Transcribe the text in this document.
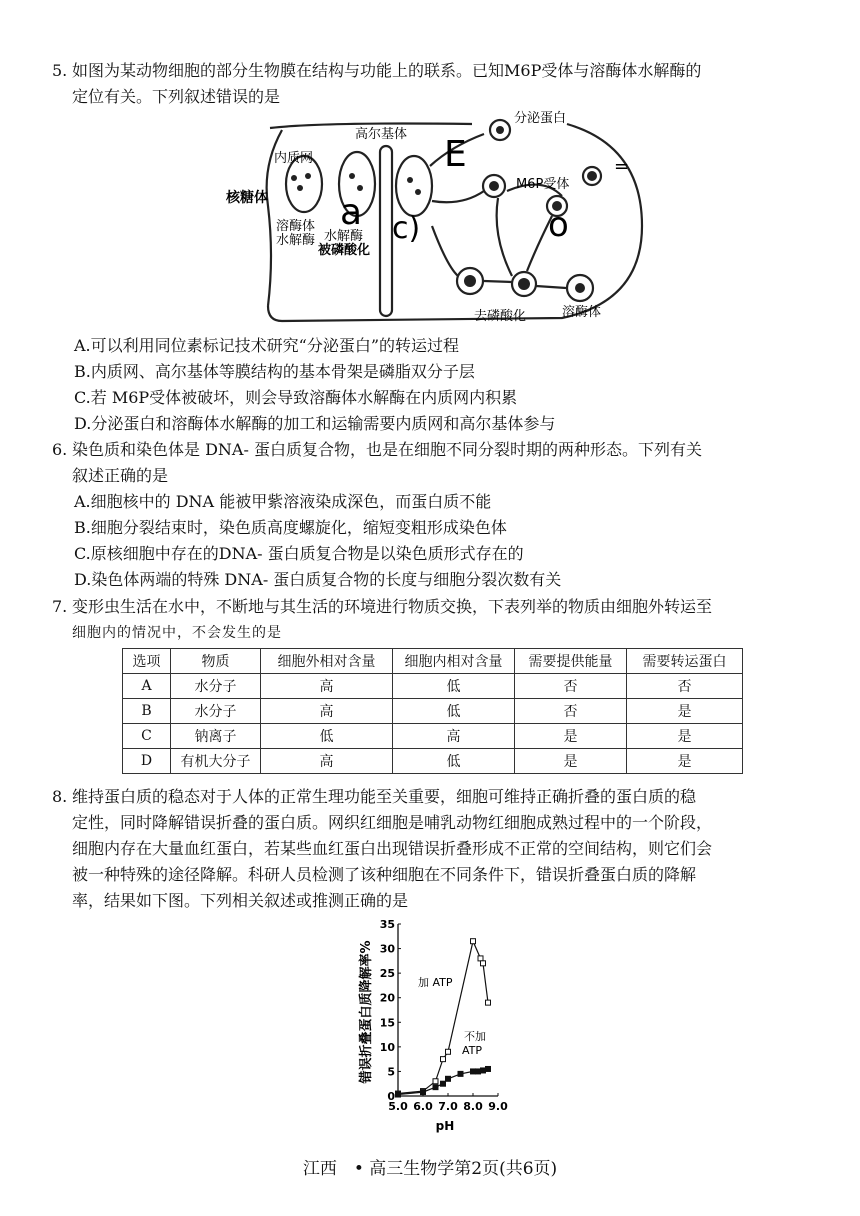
5. 如图为某动物细胞的部分生物膜在结构与功能上的联系。已知M6P受体与溶酶体水解酶的
定位有关。下列叙述错误的是
高尔基体
内质网
核糖体
溶酶体
水解酶 水解酶
被磷酸化
分泌蛋白
M6P受体
去磷酸化	溶酶体
E
a c)	o
=
A.可以利用同位素标记技术研究“分泌蛋白”的转运过程
B.内质网、高尔基体等膜结构的基本骨架是磷脂双分子层
C.若 M6P受体被破坏，则会导致溶酶体水解酶在内质网内积累
D.分泌蛋白和溶酶体水解酶的加工和运输需要内质网和高尔基体参与
6. 染色质和染色体是 DNA- 蛋白质复合物，也是在细胞不同分裂时期的两种形态。下列有关
叙述正确的是
A.细胞核中的 DNA 能被甲紫溶液染成深色，而蛋白质不能
B.细胞分裂结束时，染色质高度螺旋化，缩短变粗形成染色体
C.原核细胞中存在的DNA- 蛋白质复合物是以染色质形式存在的
D.染色体两端的特殊 DNA- 蛋白质复合物的长度与细胞分裂次数有关
7. 变形虫生活在水中，不断地与其生活的环境进行物质交换，下表列举的物质由细胞外转运至
细胞内的情况中，不会发生的是
选项	物质	细胞外相对含量	细胞内相对含量	需要提供能量	需要转运蛋白
A	水分子	高	低	否	否
B	水分子	高	低	否	是
C	钠离子	低	高	是	是
D	有机大分子	高	低	是	是
8. 维持蛋白质的稳态对于人体的正常生理功能至关重要，细胞可维持正确折叠的蛋白质的稳
定性，同时降解错误折叠的蛋白质。网织红细胞是哺乳动物红细胞成熟过程中的一个阶段，
细胞内存在大量血红蛋白，若某些血红蛋白出现错误折叠形成不正常的空间结构，则它们会
被一种特殊的途径降解。科研人员检测了该种细胞在不同条件下，错误折叠蛋白质的降解
率，结果如下图。下列相关叙述或推测正确的是
0
5
10
15
20
25
30
35
5.0 6.0 7.0 8.0 9.0
错误折叠蛋白质降解率%
pH
加 ATP
不加
ATP
江西　• 高三生物学第2页(共6页)
